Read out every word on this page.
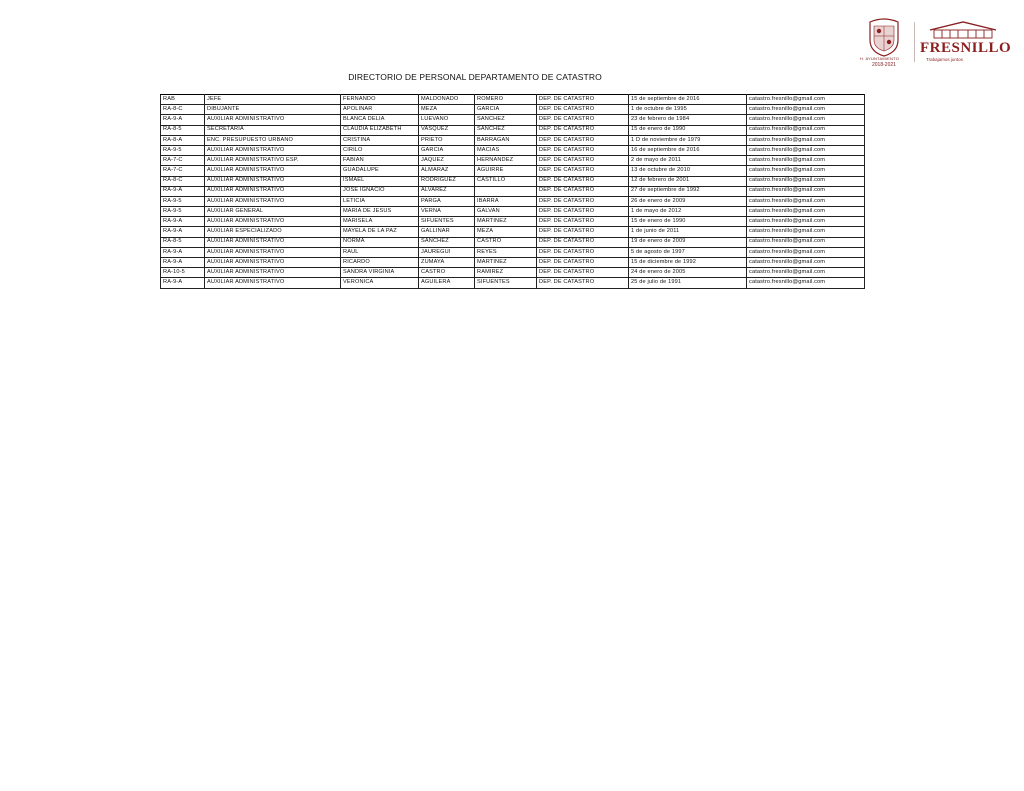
H. AYUNTAMIENTO
2018-2021
FRESNILLO
Trabajamos juntos
DIRECTORIO DE PERSONAL DEPARTAMENTO DE CATASTRO
RAB	JEFE	FERNANDO	MALDONADO	ROMERO	DEP. DE CATASTRO	15 de septiembre de 2016	catastro.fresnillo@gmail.com
RA-8-C	DIBUJANTE	APOLINAR	MEZA	GARCIA	DEP. DE CATASTRO	1 de octubre de 1995	catastro.fresnillo@gmail.com
RA-9-A	AUXILIAR ADMINISTRATIVO	BLANCA DELIA	LUEVANO	SANCHEZ	DEP. DE CATASTRO	23 de febrero de 1984	catastro.fresnillo@gmail.com
RA-8-5	SECRETARIA	CLAUDIA ELIZABETH	VASQUEZ	SANCHEZ	DEP. DE CATASTRO	15 de enero de 1990	catastro.fresnillo@gmail.com
RA-8-A	ENC. PRESUPUESTO URBANO	CRISTINA	PRIETO	BARRAGAN	DEP. DE CATASTRO	1 D de noviembre de 1979	catastro.fresnillo@gmail.com
RA-9-5	AUXILIAR ADMINISTRATIVO	CIRILO	GARCIA	MACIAS	DEP. DE CATASTRO	16 de septiembre de 2016	catastro.fresnillo@gmail.com
RA-7-C	AUXILIAR ADMINISTRATIVO ESP.	FABIAN	JAQUEZ	HERNANDEZ	DEP. DE CATASTRO	2 de mayo de 2011	catastro.fresnillo@gmail.com
RA-7-C	AUXILIAR ADMINISTRATIVO	GUADALUPE	ALMARAZ	AGUIRRE	DEP. DE CATASTRO	13 de octubre de 2010	catastro.fresnillo@gmail.com
RA-8-C	AUXILIAR ADMINISTRATIVO	ISMAEL	RODRIGUEZ	CASTILLO	DEP. DE CATASTRO	12 de febrero de 2001	catastro.fresnillo@gmail.com
RA-9-A	AUXILIAR ADMINISTRATIVO	JOSE IGNACIO	ALVAREZ		DEP. DE CATASTRO	27 de septiembre de 1992	catastro.fresnillo@gmail.com
RA-9-5	AUXILIAR ADMINISTRATIVO	LETICIA	PARGA	IBARRA	DEP. DE CATASTRO	26 de enero de 2009	catastro.fresnillo@gmail.com
RA-9-5	AUXILIAR GENERAL	MARIA DE JESUS	VERNA	GALVAN	DEP. DE CATASTRO	1 de mayo de 2012	catastro.fresnillo@gmail.com
RA-9-A	AUXILIAR ADMINISTRATIVO	MARISELA	SIFUENTES	MARTINEZ	DEP. DE CATASTRO	15 de enero de 1990	catastro.fresnillo@gmail.com
RA-9-A	AUXILIAR ESPECIALIZADO	MAYELA DE LA PAZ	GALLINAR	MEZA	DEP. DE CATASTRO	1 de junio de 2011	catastro.fresnillo@gmail.com
RA-8-5	AUXILIAR ADMINISTRATIVO	NORMA	SANCHEZ	CASTRO	DEP. DE CATASTRO	19 de enero de 2009	catastro.fresnillo@gmail.com
RA-9-A	AUXILIAR ADMINISTRATIVO	RAUL	JAUREGUI	REYES	DEP. DE CATASTRO	5 de agosto de 1997	catastro.fresnillo@gmail.com
RA-9-A	AUXILIAR ADMINISTRATIVO	RICARDO	ZUMAYA	MARTINEZ	DEP. DE CATASTRO	15 de diciembre de 1992	catastro.fresnillo@gmail.com
RA-10-5	AUXILIAR ADMINISTRATIVO	SANDRA VIRGINIA	CASTRO	RAMIREZ	DEP. DE CATASTRO	24 de enero de 2005	catastro.fresnillo@gmail.com
RA-9-A	AUXILIAR ADMINISTRATIVO	VERONICA	AGUILERA	SIFUENTES	DEP. DE CATASTRO	25 de julio de 1991	catastro.fresnillo@gmail.com
